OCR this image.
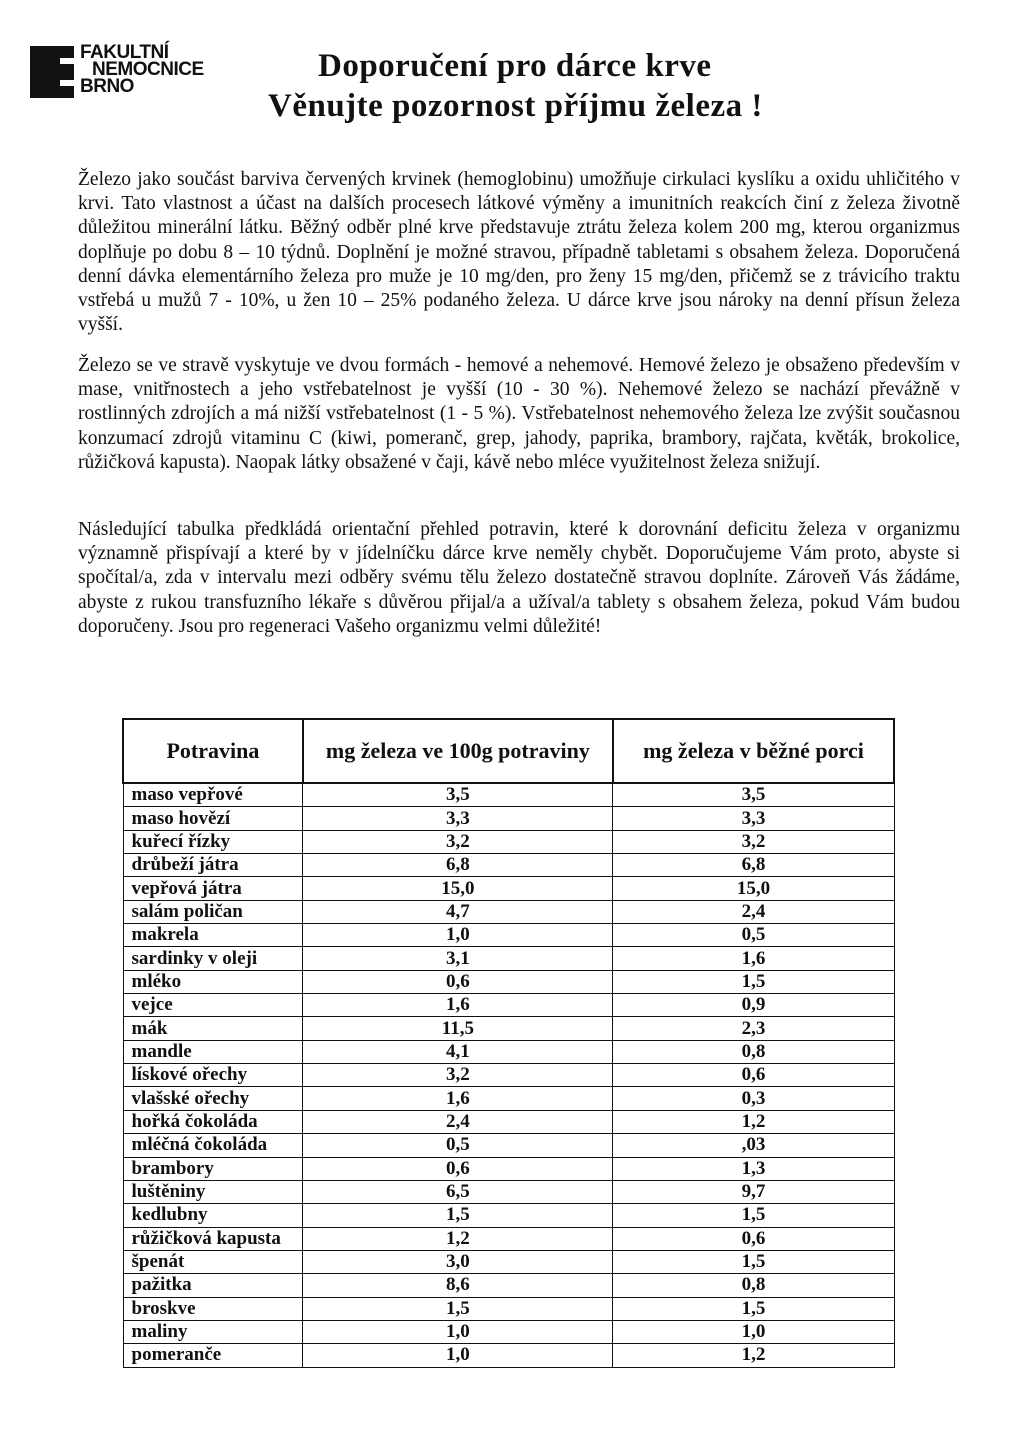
FAKULTNÍ
NEMOCNICE
BRNO
Doporučení pro dárce krve
Věnujte pozornost příjmu železa !
Železo jako součást barviva červených krvinek (hemoglobinu) umožňuje cirkulaci kyslíku a oxidu uhličitého v krvi. Tato vlastnost a účast na dalších procesech látkové výměny a imunitních reakcích činí z železa životně důležitou minerální látku. Běžný odběr plné krve představuje ztrátu železa kolem 200 mg, kterou organizmus doplňuje po dobu 8 – 10 týdnů. Doplnění je možné stravou, případně tabletami s obsahem železa. Doporučená denní dávka elementárního železa pro muže je 10 mg/den, pro ženy 15 mg/den, přičemž se z trávicího traktu vstřebá u mužů 7 - 10%, u žen 10 – 25% podaného železa. U dárce krve jsou nároky na denní přísun železa vyšší.
Železo se ve stravě vyskytuje ve dvou formách - hemové a nehemové. Hemové železo je obsaženo především v mase, vnitřnostech a jeho vstřebatelnost je vyšší (10 - 30 %). Nehemové železo se nachází převážně v rostlinných zdrojích a má nižší vstřebatelnost (1 - 5 %). Vstřebatelnost nehemového železa lze zvýšit současnou konzumací zdrojů vitaminu C (kiwi, pomeranč, grep, jahody, paprika, brambory, rajčata, květák, brokolice, růžičková kapusta). Naopak látky obsažené v čaji, kávě nebo mléce využitelnost železa snižují.
Následující tabulka předkládá orientační přehled potravin, které k dorovnání deficitu železa v organizmu významně přispívají a které by v jídelníčku dárce krve neměly chybět. Doporučujeme Vám proto, abyste si spočítal/a, zda v intervalu mezi odběry svému tělu železo dostatečně stravou doplníte. Zároveň Vás žádáme, abyste z rukou transfuzního lékaře s důvěrou přijal/a a užíval/a tablety s obsahem železa, pokud Vám budou doporučeny. Jsou pro regeneraci Vašeho organizmu velmi důležité!
Potravina	mg železa ve 100g potraviny	mg železa v běžné porci
maso vepřové	3,5	3,5
maso hovězí	3,3	3,3
kuřecí řízky	3,2	3,2
drůbeží játra	6,8	6,8
vepřová játra	15,0	15,0
salám poličan	4,7	2,4
makrela	1,0	0,5
sardinky v oleji	3,1	1,6
mléko	0,6	1,5
vejce	1,6	0,9
mák	11,5	2,3
mandle	4,1	0,8
lískové ořechy	3,2	0,6
vlašské ořechy	1,6	0,3
hořká čokoláda	2,4	1,2
mléčná čokoláda	0,5	,03
brambory	0,6	1,3
luštěniny	6,5	9,7
kedlubny	1,5	1,5
růžičková kapusta	1,2	0,6
špenát	3,0	1,5
pažitka	8,6	0,8
broskve	1,5	1,5
maliny	1,0	1,0
pomeranče	1,0	1,2
